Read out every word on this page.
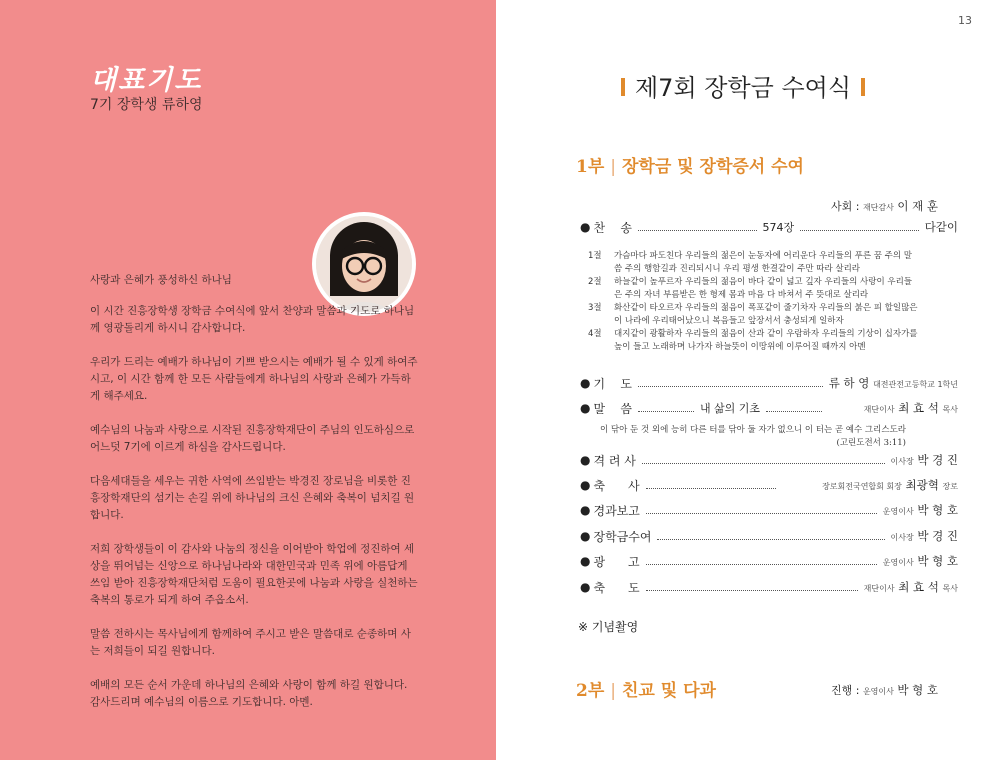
대표기도
7기 장학생 류하영

사랑과 은혜가 풍성하신 하나님

이 시간 진흥장학생 장학금 수여식에 앞서 찬양과 말씀과 기도로 하나님께 영광돌리게 하시니 감사합니다.

우리가 드리는 예배가 하나님이 기쁘 받으시는 예배가 될 수 있게 하여주시고, 이 시간 함께 한 모든 사람들에게 하나님의 사랑과 은혜가 가득하게 해주세요.

예수님의 나눔과 사랑으로 시작된 진흥장학재단이 주님의 인도하심으로 어느덧 7기에 이르게 하심을 감사드립니다.

다음세대들을 세우는 귀한 사역에 쓰임받는 박경진 장로님을 비롯한 진흥장학재단의 섬기는 손길 위에 하나님의 크신 은혜와 축복이 넘치길 원합니다.

저희 장학생들이 이 감사와 나눔의 정신을 이어받아 학업에 정진하여 세상을 뛰어넘는 신앙으로 하나님나라와 대한민국과 민족 위에 아름답게 쓰임 받아 진흥장학재단처럼 도움이 필요한곳에 나눔과 사랑을 실천하는 축복의 통로가 되게 하여 주옵소서.

말씀 전하시는 목사님에게 함께하여 주시고 받은 말씀대로 순종하며 사는 저희들이 되길 원합니다.

예배의 모든 순서 가운데 하나님의 은혜와 사랑이 함께 하길 원합니다. 감사드리며 예수님의 이름으로 기도합니다. 아멘.

13
제7회 장학금 수여식
1부 | 장학금 및 장학증서 수여
사회 : 재단감사 이 재 훈
● 찬    송	574장	다같이
1절	가슴마다 파도친다 우리들의 젊은이 눈동자에 어리운다 우리들의 푸른 꿈 주의 말씀 주의 행함길과 진리되시니 우리 평생 한결같이 주만 따라 살리라
2절	하늘같이 높푸르자 우리들의 젊음이 바다 같이 넓고 깊자 우리들의 사랑이 우리들은 주의 자녀 부름받은 한 형제 몸과 마음 다 바쳐서 주 뜻대로 살리라
3절	화산같이 타오르자 우리들의 젊음이 폭포같이 줄기차자 우리들의 붉은 피 할일많은 이 나라에 우리태어났으니 복음들고 앞장서서 충성되게 일하자
4절	대지같이 광활하자 우리들의 젊음이 산과 같이 우람하자 우리들의 기상이 십자가를 높이 들고 노래하며 나가자 하늘뜻이 이땅위에 이루어질 때까지 아멘
● 기    도	류 하 영 대전관전고등학교 1학년
● 말    씀	내 삶의 기초	재단이사 최 효 석 목사
이 닦아 둔 것 외에 능히 다른 터를 닦아 둘 자가 없으니 이 터는 곧 예수 그리스도라
(고린도전서 3:11)
● 격 려 사	이사장 박 경 진
● 축      사	장로회전국연합회 회장 최광혁 장로
● 경과보고	운영이사 박 형 호
● 장학금수여	이사장 박 경 진
● 광      고	운영이사 박 형 호
● 축      도	재단이사 최 효 석 목사
※ 기념촬영
2부 | 친교 및 다과	진행 : 운영이사 박 형 호
